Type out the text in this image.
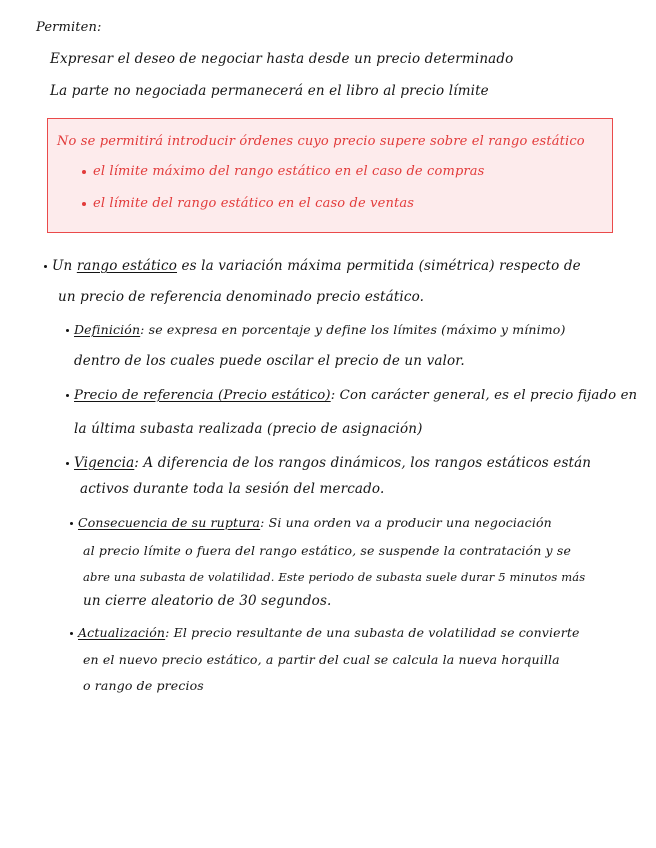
Permiten:
Expresar el deseo de negociar hasta desde un precio determinado
La parte no negociada permanecerá en el libro al precio límite
No se permitirá introducir órdenes cuyo precio supere sobre el rango estático
el límite máximo del rango estático en el caso de compras
el límite del rango estático en el caso de ventas
Un rango estático es la variación máxima permitida (simétrica) respecto de
un precio de referencia denominado precio estático.
Definición: se expresa en porcentaje y define los límites (máximo y mínimo)
dentro de los cuales puede oscilar el precio de un valor.
Precio de referencia (Precio estático): Con carácter general, es el precio fijado en
la última subasta realizada (precio de asignación)
Vigencia: A diferencia de los rangos dinámicos, los rangos estáticos están
activos durante toda la sesión del mercado.
Consecuencia de su ruptura: Si una orden va a producir una negociación
al precio límite o fuera del rango estático, se suspende la contratación y se
abre una subasta de volatilidad. Este periodo de subasta suele durar 5 minutos más
un cierre aleatorio de 30 segundos.
Actualización: El precio resultante de una subasta de volatilidad se convierte
en el nuevo precio estático, a partir del cual se calcula la nueva horquilla
o rango de precios
